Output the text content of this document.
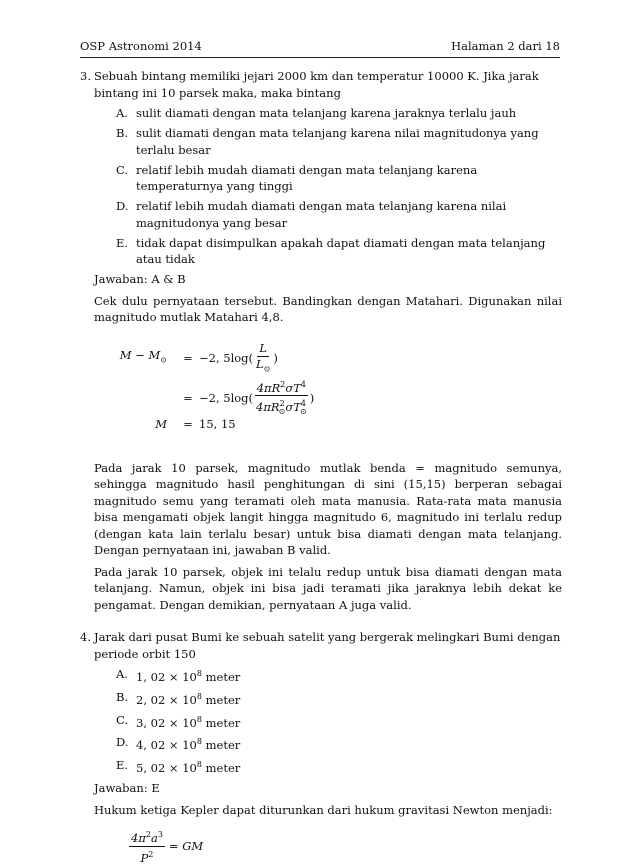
OSP Astronomi 2014	Halaman 2 dari 18
3. Sebuah bintang memiliki jejari 2000 km dan temperatur 10000 K. Jika jarak bintang ini 10 parsek maka, maka bintang
A. sulit diamati dengan mata telanjang karena jaraknya terlalu jauh
B. sulit diamati dengan mata telanjang karena nilai magnitudonya yang terlalu besar
C. relatif lebih mudah diamati dengan mata telanjang karena temperaturnya yang tinggi
D. relatif lebih mudah diamati dengan mata telanjang karena nilai magnitudonya yang besar
E. tidak dapat disimpulkan apakah dapat diamati dengan mata telanjang atau tidak
Jawaban: A & B
Cek dulu pernyataan tersebut. Bandingkan dengan Matahari. Digunakan nilai magnitudo mutlak Matahari 4,8.
$M - M_⊙$	= −2, $5\log( \frac{L}{L_⊙}$ )
= −2, $5\log( \frac{4\pi R^2\sigma T^4}{4\pi R^2_⊙\sigma T^4_⊙}$ )
M	= 15, 15
Pada jarak 10 parsek, magnitudo mutlak benda = magnitudo semunya, sehingga magnitudo hasil penghitungan di sini (15,15) berperan sebagai magnitudo semu yang teramati oleh mata manusia. Rata-rata mata manusia bisa mengamati objek langit hingga magnitudo 6, magnitudo ini terlalu redup (dengan kata lain terlalu besar) untuk bisa diamati dengan mata telanjang. Dengan pernyataan ini, jawaban B valid.
Pada jarak 10 parsek, objek ini telalu redup untuk bisa diamati dengan mata telanjang. Namun, objek ini bisa jadi teramati jika jaraknya lebih dekat ke pengamat. Dengan demikian, pernyataan A juga valid.
4. Jarak dari pusat Bumi ke sebuah satelit yang bergerak melingkari Bumi dengan periode orbit 150
A. 1, $02 \times 10^8$ meter
B. 2, $02 \times 10^8$ meter
C. 3, $02 \times 10^8$ meter
D. 4, $02 \times 10^8$ meter
E. 5, $02 \times 10^8$ meter
Jawaban: E
Hukum ketiga Kepler dapat diturunkan dari hukum gravitasi Newton menjadi:
$\frac{4\pi^2a^3}{P^2}$ = GM
